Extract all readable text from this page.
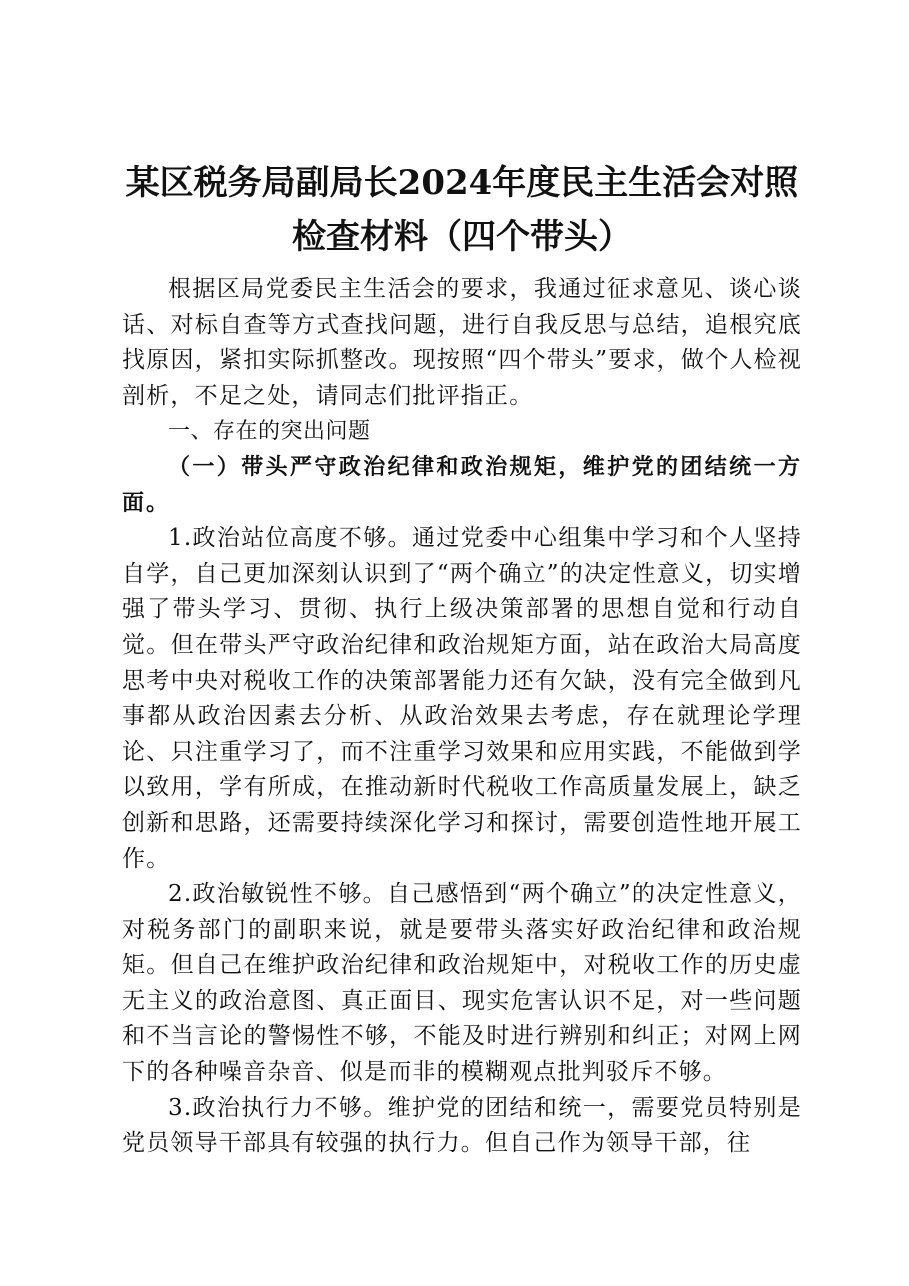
某区税务局副局长2024年度民主生活会对照
检查材料（四个带头）

根据区局党委民主生活会的要求，我通过征求意见、谈心谈话、对标自查等方式查找问题，进行自我反思与总结，追根究底找原因，紧扣实际抓整改。现按照“四个带头”要求，做个人检视剖析，不足之处，请同志们批评指正。

一、存在的突出问题

（一）带头严守政治纪律和政治规矩，维护党的团结统一方面。

1.政治站位高度不够。通过党委中心组集中学习和个人坚持自学，自己更加深刻认识到了“两个确立”的决定性意义，切实增强了带头学习、贯彻、执行上级决策部署的思想自觉和行动自觉。但在带头严守政治纪律和政治规矩方面，站在政治大局高度思考中央对税收工作的决策部署能力还有欠缺，没有完全做到凡事都从政治因素去分析、从政治效果去考虑，存在就理论学理论、只注重学习了，而不注重学习效果和应用实践，不能做到学以致用，学有所成，在推动新时代税收工作高质量发展上，缺乏创新和思路，还需要持续深化学习和探讨，需要创造性地开展工作。

2.政治敏锐性不够。自己感悟到“两个确立”的决定性意义，对税务部门的副职来说，就是要带头落实好政治纪律和政治规矩。但自己在维护政治纪律和政治规矩中，对税收工作的历史虚无主义的政治意图、真正面目、现实危害认识不足，对一些问题和不当言论的警惕性不够，不能及时进行辨别和纠正；对网上网下的各种噪音杂音、似是而非的模糊观点批判驳斥不够。

3.政治执行力不够。维护党的团结和统一，需要党员特别是党员领导干部具有较强的执行力。但自己作为领导干部，往
